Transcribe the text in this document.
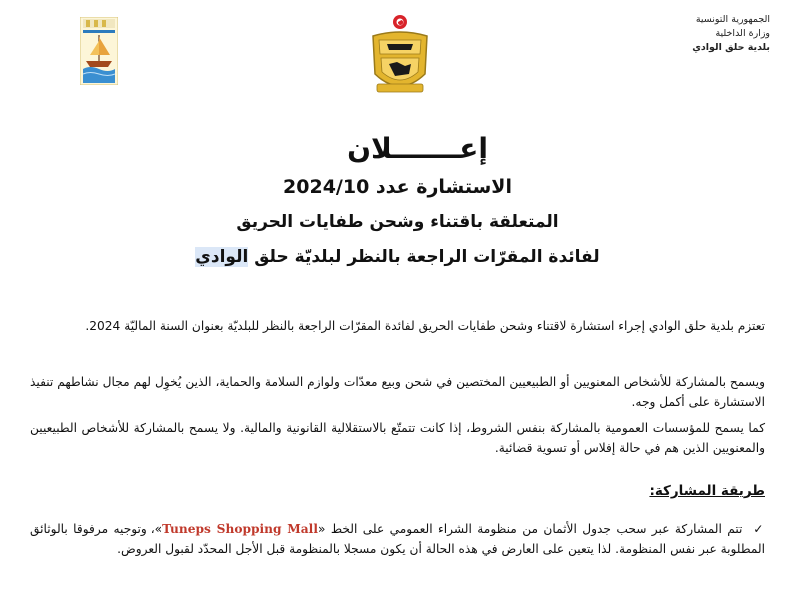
الجمهورية التونسية
وزارة الداخلية
بلدية حلق الوادي
إعـــــــلان
الاستشارة عدد 2024/10
المتعلقة باقتناء وشحن طفايات الحريق
لفائدة المقرّات الراجعة بالنظر لبلديّة حلق الوادي
تعتزم بلدية حلق الوادي إجراء استشارة لاقتناء وشحن طفايات الحريق لفائدة المقرّات الراجعة بالنظر للبلديّة بعنوان السنة الماليّة 2024.
ويسمح بالمشاركة للأشخاص المعنويين أو الطبيعيين المختصين في شحن وبيع معدّات ولوازم السلامة والحماية، الذين يُخوِل لهم مجال نشاطهم تنفيذ الاستشارة على أكمل وجه.
كما يسمح للمؤسسات العمومية بالمشاركة بنفس الشروط، إذا كانت تتمتّع بالاستقلالية القانونية والمالية. ولا يسمح بالمشاركة للأشخاص الطبيعيين والمعنويين الذين هم في حالة إفلاس أو تسوية قضائية.
طريقة المشاركة:
✓  تتم المشاركة عبر سحب جدول الأثمان من منظومة الشراء العمومي على الخط «Tuneps Shopping Mall»، وتوجيه مرفوقا بالوثائق المطلوبة عبر نفس المنظومة. لذا يتعين على العارض في هذه الحالة أن يكون مسجلا بالمنظومة قبل الأجل المحدّد لقبول العروض.
